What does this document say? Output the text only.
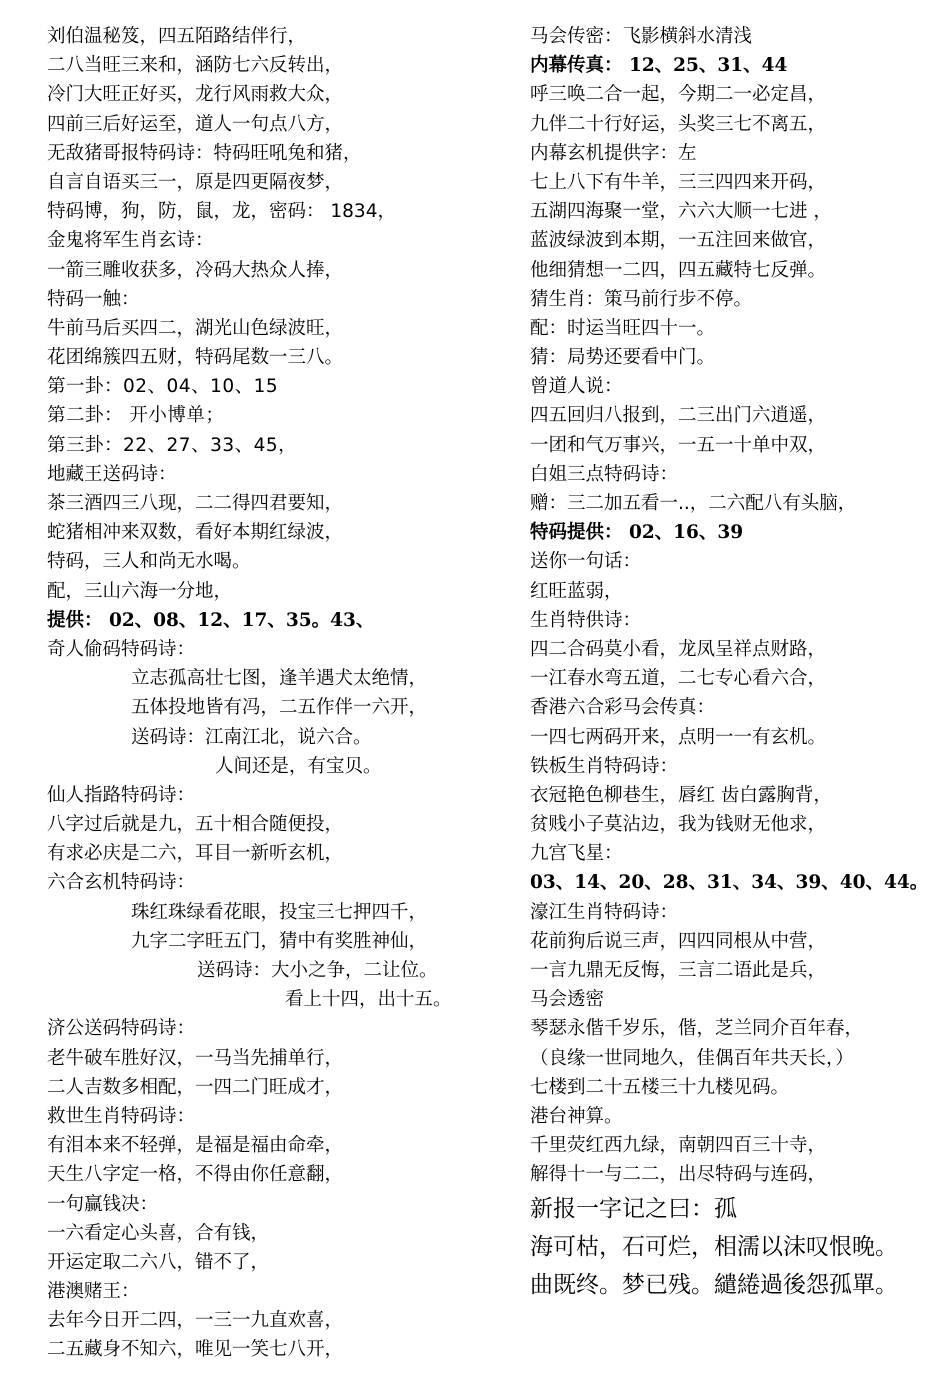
刘伯温秘笈，四五陌路结伴行，
二八当旺三来和，涵防七六反转出，
冷门大旺正好买，龙行风雨救大众，
四前三后好运至，道人一句点八方，
无敌猪哥报特码诗：特码旺吼兔和猪，
自言自语买三一，原是四更隔夜梦，
特码博，狗，防，鼠，龙，密码： 1834，
金鬼将军生肖玄诗：
一箭三雕收获多，冷码大热众人捧，
特码一触：
牛前马后买四二，湖光山色绿波旺，
花团绵簇四五财，特码尾数一三八。
第一卦：02、04、10、15
第二卦： 开小博单；
第三卦：22、27、33、45，
地藏王送码诗：
茶三酒四三八现，二二得四君要知，
蛇猪相冲来双数，看好本期红绿波，
特码，三人和尚无水喝。
配，三山六海一分地，
提供： 02、08、12、17、35。43、
奇人偷码特码诗：
立志孤高壮七图，逢羊遇犬太绝情，
五体投地皆有冯，二五作伴一六开，
送码诗：江南江北，说六合。
人间还是，有宝贝。
仙人指路特码诗：
八字过后就是九，五十相合随便投，
有求必庆是二六，耳目一新听玄机，
六合玄机特码诗：
珠红珠绿看花眼，投宝三七押四千，
九字二字旺五门，猜中有奖胜神仙，
送码诗：大小之争，二让位。
看上十四，出十五。
济公送码特码诗：
老牛破车胜好汉，一马当先捕单行，
二人吉数多相配，一四二门旺成才，
救世生肖特码诗：
有泪本来不轻弹，是福是福由命牵，
天生八字定一格，不得由你任意翻，
一句赢钱决：
一六看定心头喜，合有钱，
开运定取二六八，错不了，
港澳赌王：
去年今日开二四，一三一九直欢喜，
二五藏身不知六，唯见一笑七八开，
马会传密：飞影横斜水清浅
内幕传真： 12、25、31、44
呼三唤二合一起，今期二一必定昌，
九伴二十行好运，头奖三七不离五，
内幕玄机提供字：左
七上八下有牛羊，三三四四来开码，
五湖四海聚一堂，六六大顺一七进 ，
蓝波绿波到本期，一五注回来做官，
他细猜想一二四，四五藏特七反弹。
猜生肖：策马前行步不停。
配：时运当旺四十一。
猜：局势还要看中门。
曾道人说：
四五回归八报到，二三出门六逍遥，
一团和气万事兴，一五一十单中双，
白姐三点特码诗：
赠：三二加五看一..，二六配八有头脑，
特码提供： 02、16、39
送你一句话：
红旺蓝弱，
生肖特供诗：
四二合码莫小看，龙凤呈祥点财路，
一江春水弯五道，二七专心看六合，
香港六合彩马会传真：
一四七两码开来，点明一一有玄机。
铁板生肖特码诗：
衣冠艳色柳巷生，唇红 齿白露胸背，
贫贱小子莫沾边，我为钱财无他求，
九宫飞星：
03、14、20、28、31、34、39、40、44。
濠江生肖特码诗：
花前狗后说三声，四四同根从中营，
一言九鼎无反悔，三言二语此是兵，
马会透密
琴瑟永偕千岁乐，偕，芝兰同介百年春，
（良缘一世同地久，佳偶百年共天长，）
七楼到二十五楼三十九楼见码。
港台神算。
千里荧红西九绿，南朝四百三十寺，
解得十一与二二，出尽特码与连码，
新报一字记之曰：孤
海可枯，石可烂，相濡以沫叹恨晚。
曲既终。梦已残。繾綣過後怨孤單。
